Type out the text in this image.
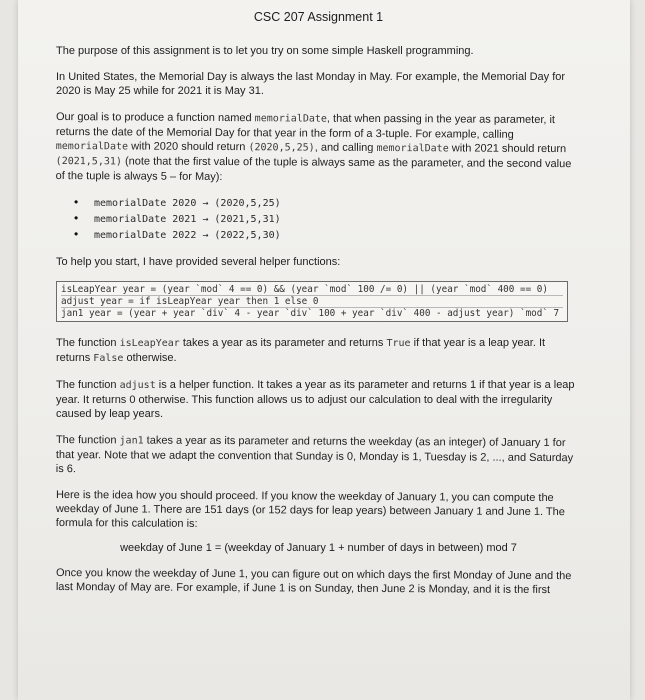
CSC 207 Assignment 1

The purpose of this assignment is to let you try on some simple Haskell programming.

In United States, the Memorial Day is always the last Monday in May. For example, the Memorial Day for 2020 is May 25 while for 2021 it is May 31.

Our goal is to produce a function named memorialDate, that when passing in the year as parameter, it returns the date of the Memorial Day for that year in the form of a 3-tuple. For example, calling memorialDate with 2020 should return (2020,5,25), and calling memorialDate with 2021 should return (2021,5,31) (note that the first value of the tuple is always same as the parameter, and the second value of the tuple is always 5 – for May):

• memorialDate 2020 → (2020,5,25)
• memorialDate 2021 → (2021,5,31)
• memorialDate 2022 → (2022,5,30)

To help you start, I have provided several helper functions:

isLeapYear year = (year `mod` 4 == 0) && (year `mod` 100 /= 0) || (year `mod` 400 == 0)
adjust year = if isLeapYear year then 1 else 0
jan1 year = (year + year `div` 4 - year `div` 100 + year `div` 400 - adjust year) `mod` 7

The function isLeapYear takes a year as its parameter and returns True if that year is a leap year. It returns False otherwise.

The function adjust is a helper function. It takes a year as its parameter and returns 1 if that year is a leap year. It returns 0 otherwise. This function allows us to adjust our calculation to deal with the irregularity caused by leap years.

The function jan1 takes a year as its parameter and returns the weekday (as an integer) of January 1 for that year. Note that we adapt the convention that Sunday is 0, Monday is 1, Tuesday is 2, ..., and Saturday is 6.

Here is the idea how you should proceed. If you know the weekday of January 1, you can compute the weekday of June 1. There are 151 days (or 152 days for leap years) between January 1 and June 1. The formula for this calculation is:

weekday of June 1 = (weekday of January 1 + number of days in between) mod 7

Once you know the weekday of June 1, you can figure out on which days the first Monday of June and the last Monday of May are. For example, if June 1 is on Sunday, then June 2 is Monday, and it is the first
